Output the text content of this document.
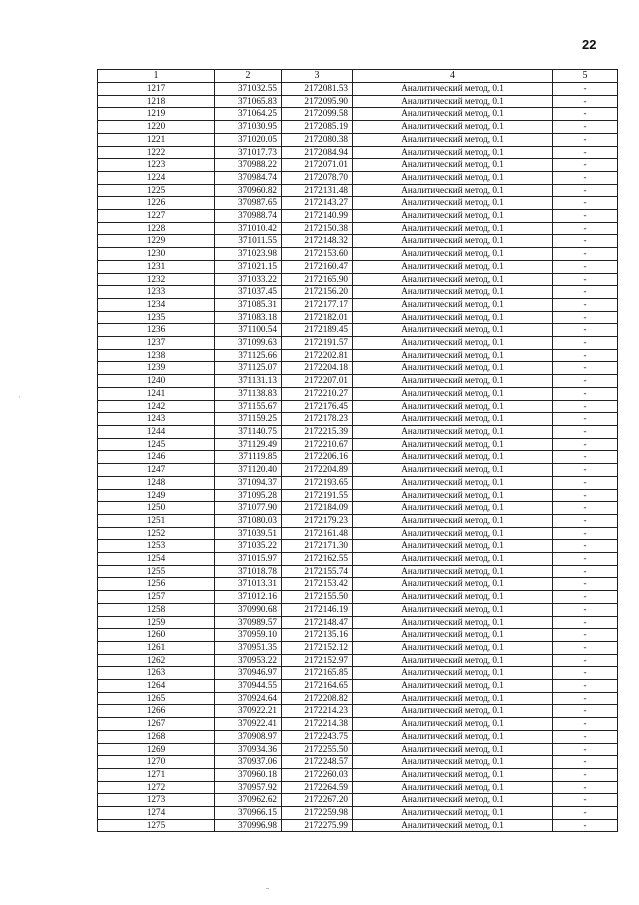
22
·
1	2	3	4	5
1217	371032.55	2172081.53	Аналитический метод, 0.1	-
1218	371065.83	2172095.90	Аналитический метод, 0.1	-
1219	371064.25	2172099.58	Аналитический метод, 0.1	-
1220	371030.95	2172085.19	Аналитический метод, 0.1	-
1221	371020.05	2172080.38	Аналитический метод, 0.1	-
1222	371017.73	2172084.94	Аналитический метод, 0.1	-
1223	370988.22	2172071.01	Аналитический метод, 0.1	-
1224	370984.74	2172078.70	Аналитический метод, 0.1	-
1225	370960.82	2172131.48	Аналитический метод, 0.1	-
1226	370987.65	2172143.27	Аналитический метод, 0.1	-
1227	370988.74	2172140.99	Аналитический метод, 0.1	-
1228	371010.42	2172150.38	Аналитический метод, 0.1	-
1229	371011.55	2172148.32	Аналитический метод, 0.1	-
1230	371023.98	2172153.60	Аналитический метод, 0.1	-
1231	371021.15	2172160.47	Аналитический метод, 0.1	-
1232	371033.22	2172165.90	Аналитический метод, 0.1	-
1233	371037.45	2172156.20	Аналитический метод, 0.1	-
1234	371085.31	2172177.17	Аналитический метод, 0.1	-
1235	371083.18	2172182.01	Аналитический метод, 0.1	-
1236	371100.54	2172189.45	Аналитический метод, 0.1	-
1237	371099.63	2172191.57	Аналитический метод, 0.1	-
1238	371125.66	2172202.81	Аналитический метод, 0.1	-
1239	371125.07	2172204.18	Аналитический метод, 0.1	-
1240	371131.13	2172207.01	Аналитический метод, 0.1	-
1241	371138.83	2172210.27	Аналитический метод, 0.1	-
1242	371155.67	2172176.45	Аналитический метод, 0.1	-
1243	371159.25	2172178.23	Аналитический метод, 0.1	-
1244	371140.75	2172215.39	Аналитический метод, 0.1	-
1245	371129.49	2172210.67	Аналитический метод, 0.1	-
1246	371119.85	2172206.16	Аналитический метод, 0.1	-
1247	371120.40	2172204.89	Аналитический метод, 0.1	-
1248	371094.37	2172193.65	Аналитический метод, 0.1	-
1249	371095.28	2172191.55	Аналитический метод, 0.1	-
1250	371077.90	2172184.09	Аналитический метод, 0.1	-
1251	371080.03	2172179.23	Аналитический метод, 0.1	-
1252	371039.51	2172161.48	Аналитический метод, 0.1	-
1253	371035.22	2172171.30	Аналитический метод, 0.1	-
1254	371015.97	2172162.55	Аналитический метод, 0.1	-
1255	371018.78	2172155.74	Аналитический метод, 0.1	-
1256	371013.31	2172153.42	Аналитический метод, 0.1	-
1257	371012.16	2172155.50	Аналитический метод, 0.1	-
1258	370990.68	2172146.19	Аналитический метод, 0.1	-
1259	370989.57	2172148.47	Аналитический метод, 0.1	-
1260	370959.10	2172135.16	Аналитический метод, 0.1	-
1261	370951.35	2172152.12	Аналитический метод, 0.1	-
1262	370953.22	2172152.97	Аналитический метод, 0.1	-
1263	370946.97	2172165.85	Аналитический метод, 0.1	-
1264	370944.55	2172164.65	Аналитический метод, 0.1	-
1265	370924.64	2172208.82	Аналитический метод, 0.1	-
1266	370922.21	2172214.23	Аналитический метод, 0.1	-
1267	370922.41	2172214.38	Аналитический метод, 0.1	-
1268	370908.97	2172243.75	Аналитический метод, 0.1	-
1269	370934.36	2172255.50	Аналитический метод, 0.1	-
1270	370937.06	2172248.57	Аналитический метод, 0.1	-
1271	370960.18	2172260.03	Аналитический метод, 0.1	-
1272	370957.92	2172264.59	Аналитический метод, 0.1	-
1273	370962.62	2172267.20	Аналитический метод, 0.1	-
1274	370966.15	2172259.98	Аналитический метод, 0.1	-
1275	370996.98	2172275.99	Аналитический метод, 0.1	-
